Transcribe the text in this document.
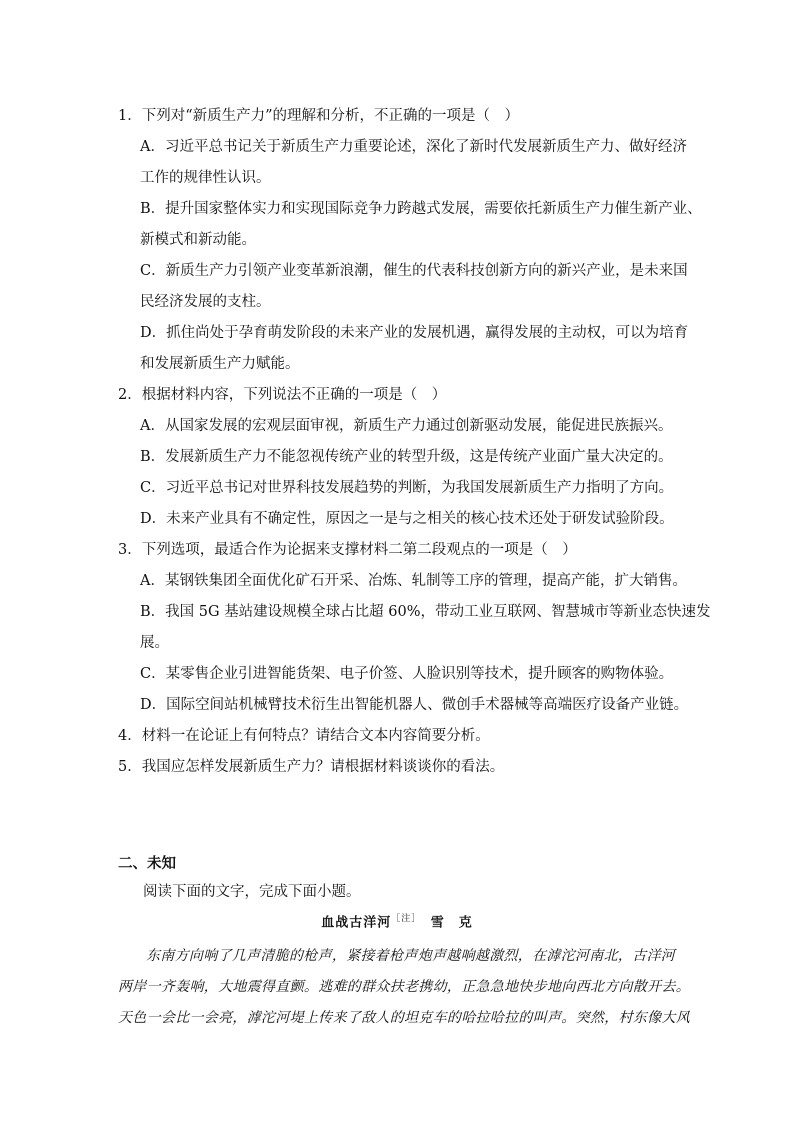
1．下列对“新质生产力”的理解和分析，不正确的一项是（　）

A．习近平总书记关于新质生产力重要论述，深化了新时代发展新质生产力、做好经济

工作的规律性认识。

B．提升国家整体实力和实现国际竞争力跨越式发展，需要依托新质生产力催生新产业、

新模式和新动能。

C．新质生产力引领产业变革新浪潮，催生的代表科技创新方向的新兴产业，是未来国

民经济发展的支柱。

D．抓住尚处于孕育萌发阶段的未来产业的发展机遇，赢得发展的主动权，可以为培育

和发展新质生产力赋能。

2．根据材料内容，下列说法不正确的一项是（　）

A．从国家发展的宏观层面审视，新质生产力通过创新驱动发展，能促进民族振兴。

B．发展新质生产力不能忽视传统产业的转型升级，这是传统产业面广量大决定的。

C．习近平总书记对世界科技发展趋势的判断，为我国发展新质生产力指明了方向。

D．未来产业具有不确定性，原因之一是与之相关的核心技术还处于研发试验阶段。

3．下列选项，最适合作为论据来支撑材料二第二段观点的一项是（　）

A．某钢铁集团全面优化矿石开采、冶炼、轧制等工序的管理，提高产能，扩大销售。

B．我国 5G 基站建设规模全球占比超 60%，带动工业互联网、智慧城市等新业态快速发

展。

C．某零售企业引进智能货架、电子价签、人脸识别等技术，提升顾客的购物体验。

D．国际空间站机械臂技术衍生出智能机器人、微创手术器械等高端医疗设备产业链。

4．材料一在论证上有何特点？请结合文本内容简要分析。

5．我国应怎样发展新质生产力？请根据材料谈谈你的看法。

二、未知
阅读下面的文字，完成下面小题。
血战古洋河$^{[注]}$　 雪　克

东南方向响了几声清脆的枪声，紧接着枪声炮声越响越激烈，在滹沱河南北，古洋河

两岸一齐轰响，大地震得直颤。逃难的群众扶老携幼，正急急地快步地向西北方向散开去。

天色一会比一会亮，滹沱河堤上传来了敌人的坦克车的哈拉哈拉的叫声。突然，村东像大风
